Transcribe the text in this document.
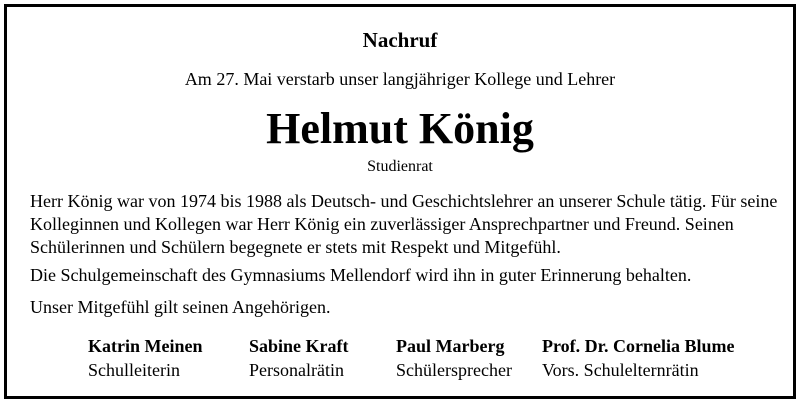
Nachruf
Am 27. Mai verstarb unser langjähriger Kollege und Lehrer
Helmut König
Studienrat
Herr König war von 1974 bis 1988 als Deutsch- und Geschichtslehrer an unserer Schule tätig. Für seine Kolleginnen und Kollegen war Herr König ein zuverlässiger Ansprechpartner und Freund. Seinen Schülerinnen und Schülern begegnete er stets mit Respekt und Mitgefühl.
Die Schulgemeinschaft des Gymnasiums Mellendorf wird ihn in guter Erinnerung behalten.
Unser Mitgefühl gilt seinen Angehörigen.
Katrin Meinen
Schulleiterin
Sabine Kraft
Personalrätin
Paul Marberg
Schülersprecher
Prof. Dr. Cornelia Blume
Vors. Schulelternrätin
